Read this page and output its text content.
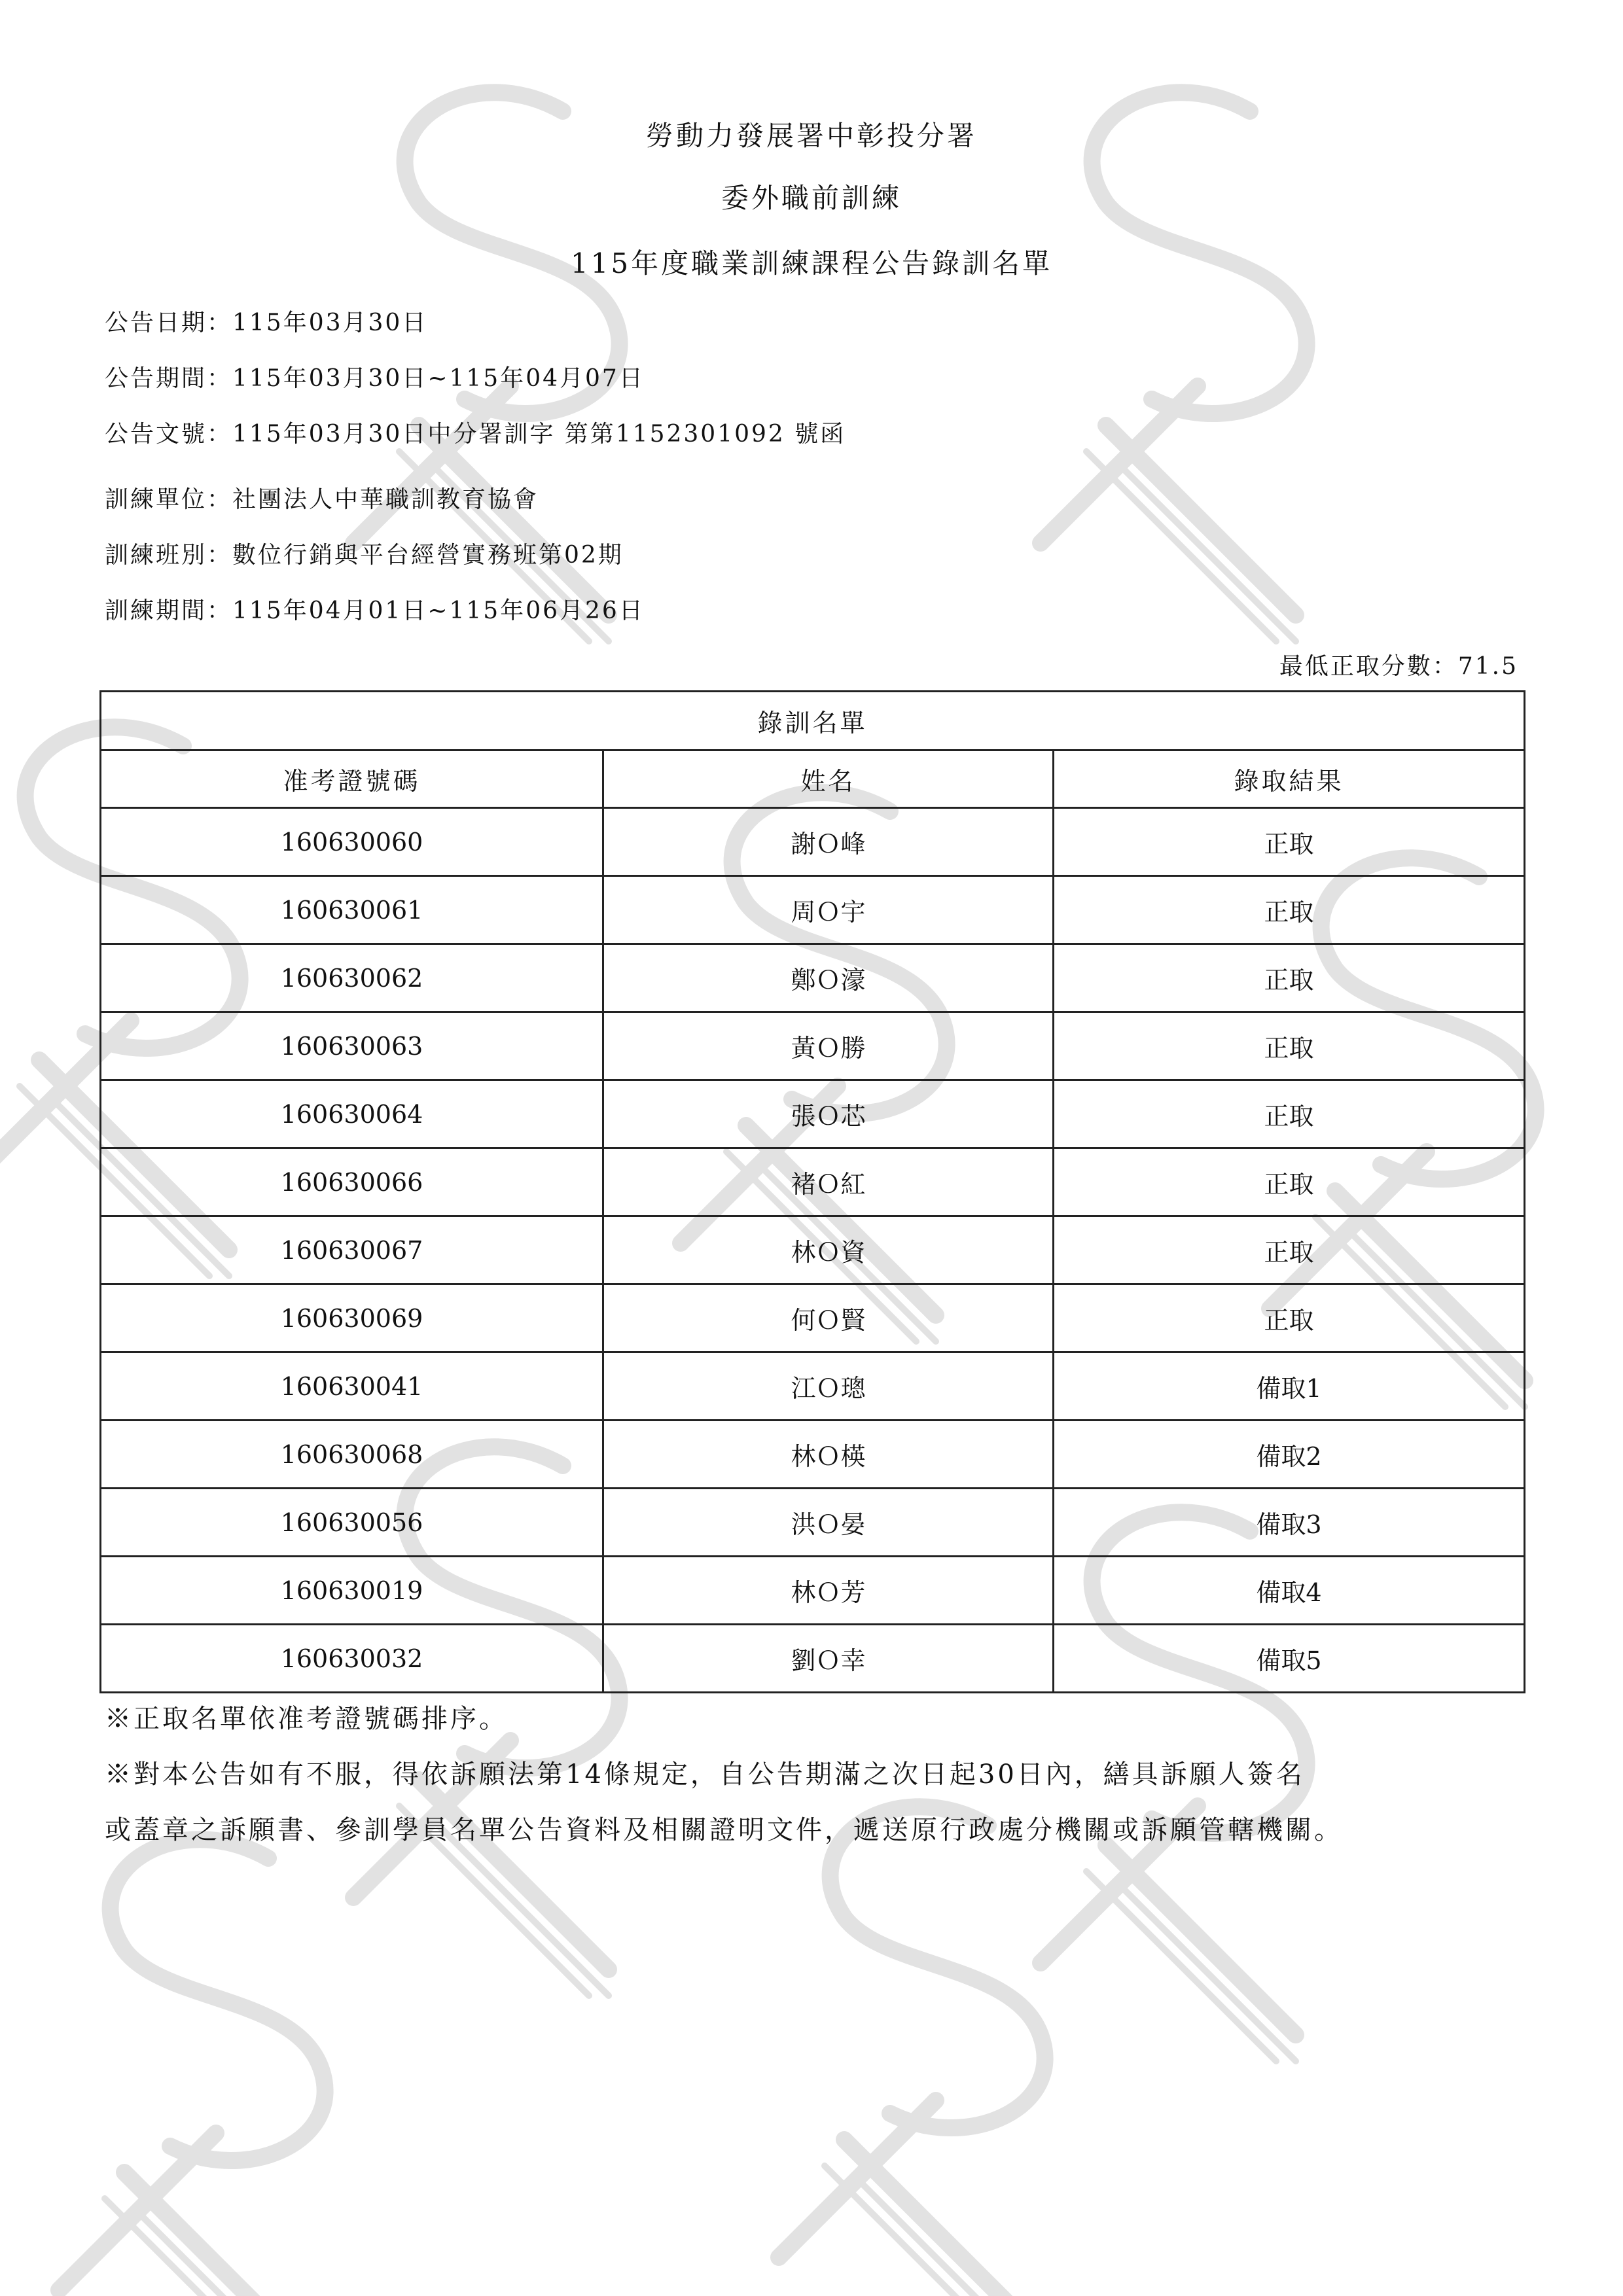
勞動力發展署中彰投分署
委外職前訓練
115年度職業訓練課程公告錄訓名單
公告日期：115年03月30日
公告期間：115年03月30日~115年04月07日
公告文號：115年03月30日中分署訓字 第第1152301092 號函
訓練單位：社團法人中華職訓教育協會
訓練班別：數位行銷與平台經營實務班第02期
訓練期間：115年04月01日~115年06月26日
最低正取分數：71.5
錄訓名單		
准考證號碼	姓名	錄取結果
160630060	謝Ｏ峰	正取
160630061	周Ｏ宇	正取
160630062	鄭Ｏ濠	正取
160630063	黃Ｏ勝	正取
160630064	張Ｏ芯	正取
160630066	褚Ｏ紅	正取
160630067	林Ｏ資	正取
160630069	何Ｏ賢	正取
160630041	江Ｏ璁	備取1
160630068	林Ｏ楧	備取2
160630056	洪Ｏ晏	備取3
160630019	林Ｏ芳	備取4
160630032	劉Ｏ幸	備取5
※正取名單依准考證號碼排序。
※對本公告如有不服，得依訴願法第14條規定，自公告期滿之次日起30日內，繕具訴願人簽名
或蓋章之訴願書、參訓學員名單公告資料及相關證明文件，遞送原行政處分機關或訴願管轄機關。
